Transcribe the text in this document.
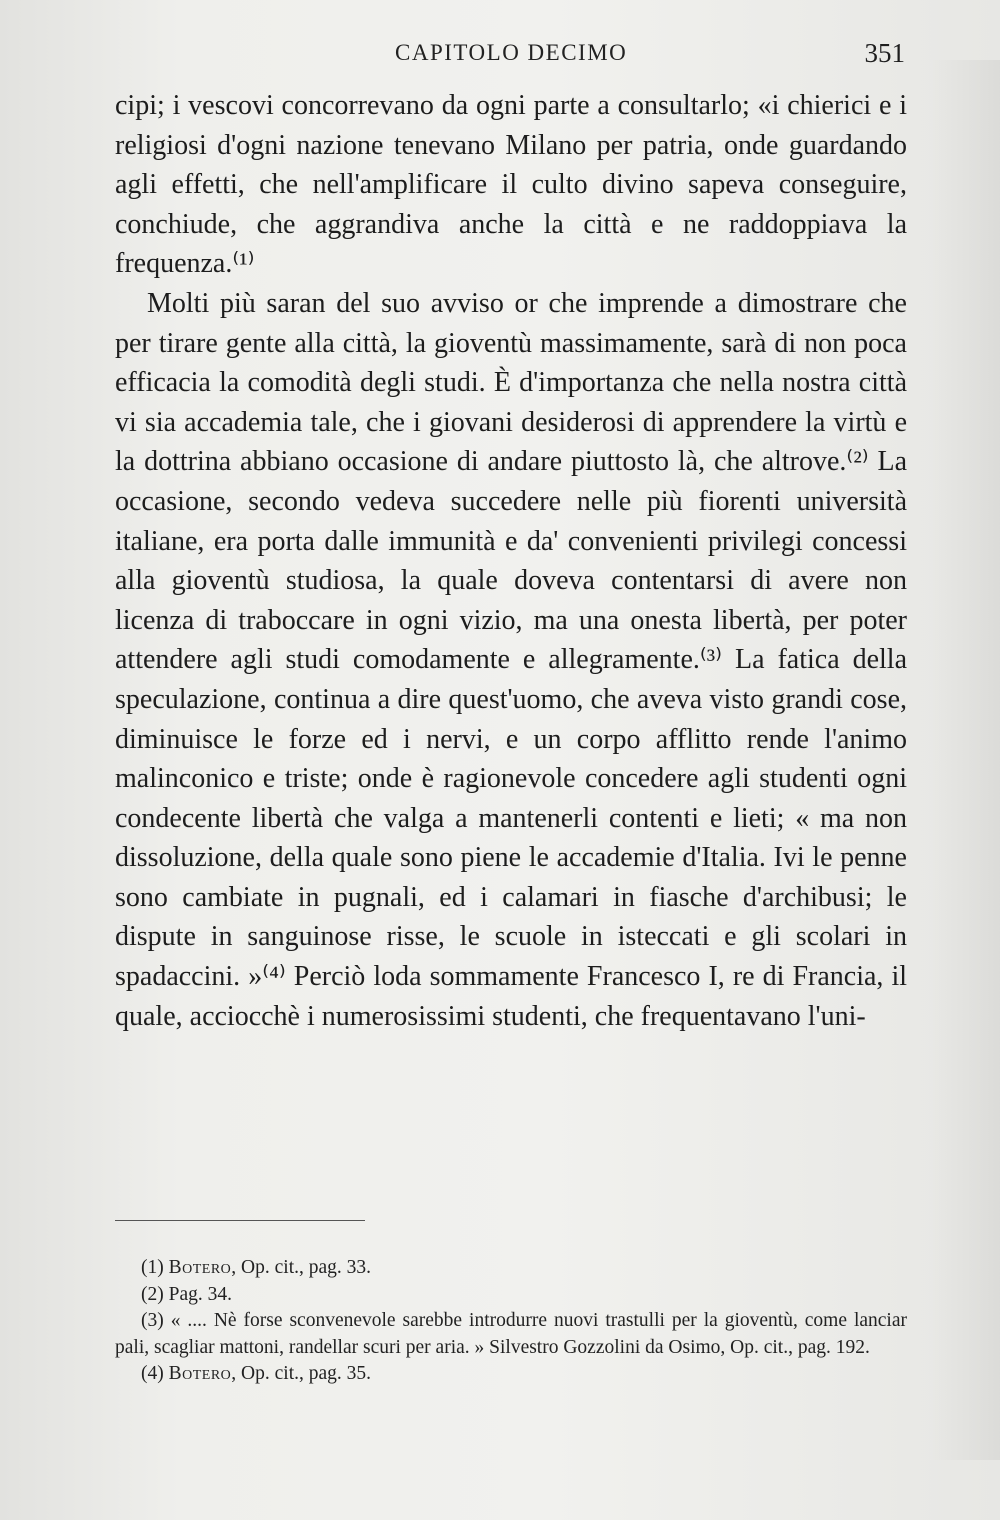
CAPITOLO DECIMO	351

cipi; i vescovi concorrevano da ogni parte a consultarlo; «i chierici e i religiosi d'ogni nazione tenevano Milano per patria, onde guardando agli effetti, che nell'amplificare il culto divino sapeva conseguire, conchiude, che aggrandiva anche la città e ne raddoppiava la frequenza.⁽¹⁾

Molti più saran del suo avviso or che imprende a dimostrare che per tirare gente alla città, la gioventù massimamente, sarà di non poca efficacia la comodità degli studi. È d'importanza che nella nostra città vi sia accademia tale, che i giovani desiderosi di apprendere la virtù e la dottrina abbiano occasione di andare piuttosto là, che altrove.⁽²⁾ La occasione, secondo vedeva succedere nelle più fiorenti università italiane, era porta dalle immunità e da' convenienti privilegi concessi alla gioventù studiosa, la quale doveva contentarsi di avere non licenza di traboccare in ogni vizio, ma una onesta libertà, per poter attendere agli studi comodamente e allegramente.⁽³⁾ La fatica della speculazione, continua a dire quest'uomo, che aveva visto grandi cose, diminuisce le forze ed i nervi, e un corpo afflitto rende l'animo malinconico e triste; onde è ragionevole concedere agli studenti ogni condecente libertà che valga a mantenerli contenti e lieti; « ma non dissoluzione, della quale sono piene le accademie d'Italia. Ivi le penne sono cambiate in pugnali, ed i calamari in fiasche d'archibusi; le dispute in sanguinose risse, le scuole in isteccati e gli scolari in spadaccini. »⁽⁴⁾ Perciò loda sommamente Francesco I, re di Francia, il quale, acciocchè i numerosissimi studenti, che frequentavano l'uni-

(1) Botero, Op. cit., pag. 33.

(2) Pag. 34.

(3) « .... Nè forse sconvenevole sarebbe introdurre nuovi trastulli per la gioventù, come lanciar pali, scagliar mattoni, randellar scuri per aria. » Silvestro Gozzolini da Osimo, Op. cit., pag. 192.

(4) Botero, Op. cit., pag. 35.
